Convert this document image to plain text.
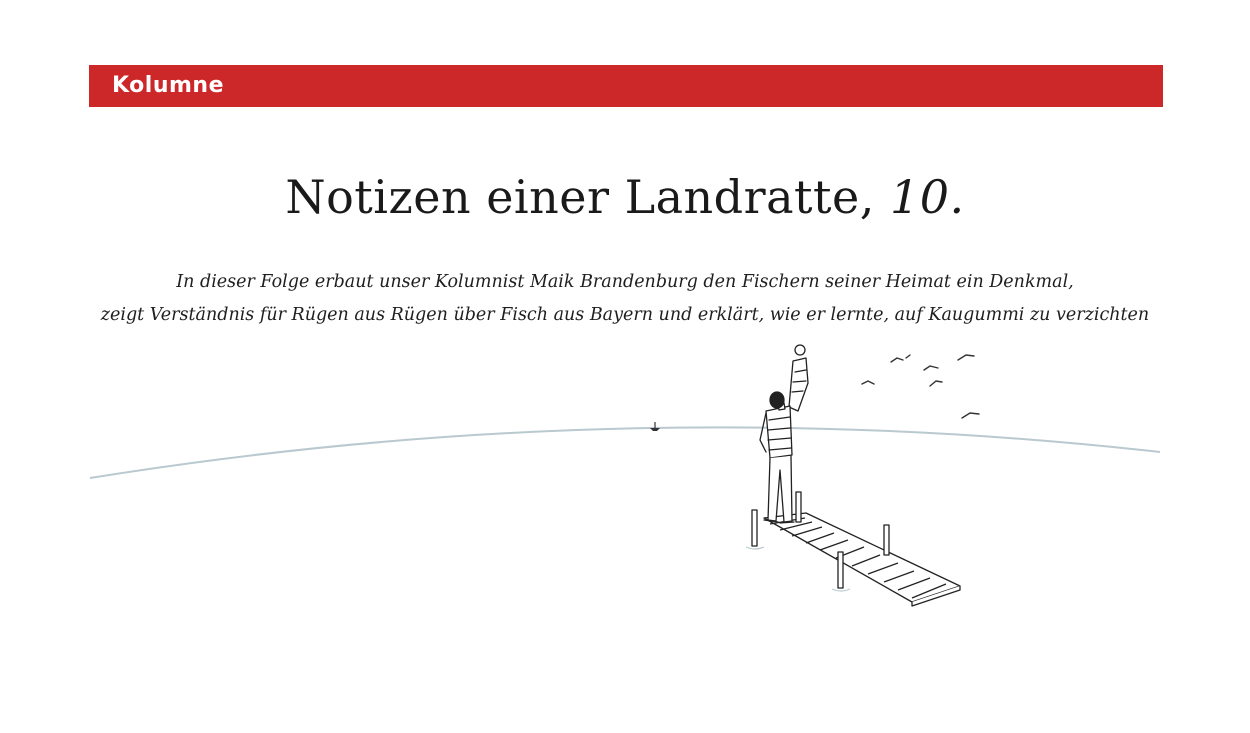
Kolumne
Notizen einer Landratte, 10.
In dieser Folge erbaut unser Kolumnist Maik Brandenburg den Fischern seiner Heimat ein Denkmal,
zeigt Verständnis für Rügen aus Rügen über Fisch aus Bayern und erklärt, wie er lernte, auf Kaugummi zu verzichten
